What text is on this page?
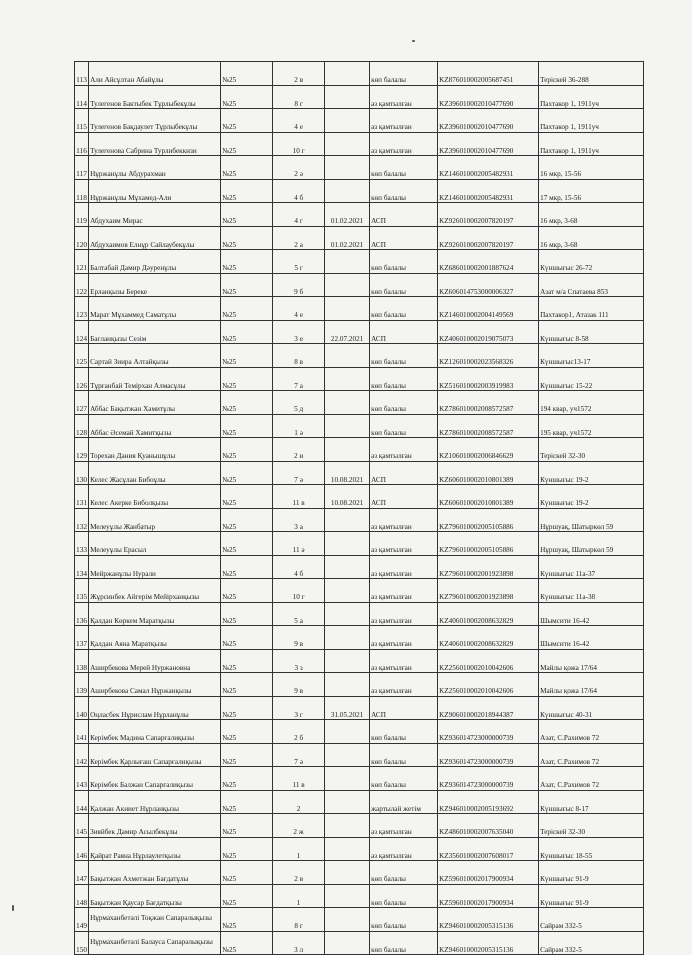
113	Али Айсұлтан Абайұлы	№25	2 в		көп балалы	KZ876010002005687451	Терiскей 36-288
114	Тулегенов Бактыбек Тұрлыбекұлы	№25	8 г		аз қамтылған	KZ396010002010477690	Пахтакор 1, 1911уч
115	Тулегенов Бақдаулет Тұрлыбекұлы	№25	4 е		аз қамтылған	KZ396010002010477690	Пахтакор 1, 1911уч
116	Тулегенова Сабрина Турлибеккизи	№25	10 г		аз қамтылған	KZ396010002010477690	Пахтакор 1, 1911уч
117	Нұржанұлы Абдурахман	№25	2 ә		көп балалы	KZ146010002005482931	16 мкр, 15-56
118	Нұржанұлы Мұхамед-Али	№25	4 б		көп балалы	KZ146010002005482931	17 мкр, 15-56
119	Абдухаим Мирас	№25	4 г	01.02.2021	АСП	KZ926010002007820197	16 мкр, 3-68
120	Абдухаимов Елнұр Сайлаубекұлы	№25	2 а	01.02.2021	АСП	KZ926010002007820197	16 мкр, 3-68
121	Балтабай Дамир Дәуренұлы	№25	5 г		көп балалы	KZ686010002001887624	Күншығыс 26-72
122	Ерланқызы Береке	№25	9 б		көп балалы	KZ606014753000006327	Азат м/а Спатаева 853
123	Марат Мұхаммед Саматұлы	№25	4 е		көп балалы	KZ146010002004149569	Пахтакор1, Атазак 111
124	Бағланқызы Сезім	№25	3 е	22.07.2021	АСП	KZ406010002019075073	Күншығыс 8-58
125	Сартай Зиира Алтайқызы	№25	8 в		көп балалы	KZ126010002023568326	Күншығыс13-17
126	Тұрғанбай Темірхан Алмасұлы	№25	7 а		көп балалы	KZ516010002003919983	Күншығыс 15-22
127	Аббас Бақытжан Хамитұлы	№25	5 д		көп балалы	KZ786010002008572587	194 квар, уч1572
128	Аббас Әсемай Хамитқызы	№25	1 ә		көп балалы	KZ786010002008572587	195 квар, уч1572
129	Торехан Дания Қуанышұлы	№25	2 и		аз қамтылған	KZ106010002006846629	Терiскей 32-30
130	Келес Жасұлан Бибоұлы	№25	7 ә	10.08.2021	АСП	KZ606010002010801389	Күншығыс 19-2
131	Келес Акерке Биболқызы	№25	11 в	10.08.2021	АСП	KZ606010002010801389	Күншығыс 19-2
132	Мелеуұлы Жанбатыр	№25	3 а		аз қамтылған	KZ796010002005105886	Нұршуақ, Шатыркөл 59
133	Мелеуұлы Ерасыл	№25	11 ә		аз қамтылған	KZ796010002005105886	Нұршуақ, Шатыркөл 59
134	Мейржанұлы Нурали	№25	4 б		аз қамтылған	KZ796010002001923898	Күншығыс 11а-37
135	Жұрсинбек Айгерім Мейірханқызы	№25	10 г		аз қамтылған	KZ796010002001923898	Күншығыс 11а-38
136	Қалдан Көркем Маратқызы	№25	5 а		аз қамтылған	KZ406010002008632829	Шымсити 16-42
137	Қалдан Аяна Маратқызы	№25	9 в		аз қамтылған	KZ406010002008632829	Шымсити 16-42
138	Аширбекова Мерей Нуржановна	№25	3 з		аз қамтылған	KZ256010002010042606	Майлы қожа 17/64
139	Аширбекова Самал Нұржанқызы	№25	9 в		аз қамтылған	KZ256010002010042606	Майлы қожа 17/64
140	Оңласбек Нұрислам Нұрланұлы	№25	3 г	31.05.2021	АСП	KZ906010002018944387	Күншығыс 40-31
141	Керімбек Мадина Сапарғалиқызы	№25	2 б		көп балалы	KZ936014723000000739	Азат, С.Рахимов 72
142	Керімбек Қарлығаш Сапарғалиқызы	№25	7 ә		көп балалы	KZ936014723000000739	Азат, С.Рахимов 72
143	Керімбек Балжан Сапарғалиқызы	№25	11 в		көп балалы	KZ936014723000000739	Азат, С.Рахимов 72
144	Қалжан Акниет Нұрланқызы	№25	2		жартылай жетім	KZ946010002005193692	Күншығыс 8-17
145	Зияйбек Дамир Асылбекұлы	№25	2 ж		аз қамтылған	KZ486010002007635040	Терiскей 32-30
146	Қайрат Раяна Нұрлаулетқызы	№25	1		аз қамтылған	KZ356010002007608017	Күншығыс 18-55
147	Бақытжан Ахметжан Бағдатұлы	№25	2 в		көп балалы	KZ596010002017900934	Күншығыс 91-9
148	Бақытжан Қаусар Бағдатқызы	№25	1		көп балалы	KZ596010002017900934	Күншығыс 91-9
149	Нұрмаханбетәлі Тоқжан Сапарәлықызы	№25	8 г		көп балалы	KZ946010002005315136	Сайрам 332-5
150	Нұрмаханбетәлі Балауса Сапарәлықызы	№25	3 л		көп балалы	KZ946010002005315136	Сайрам 332-5
